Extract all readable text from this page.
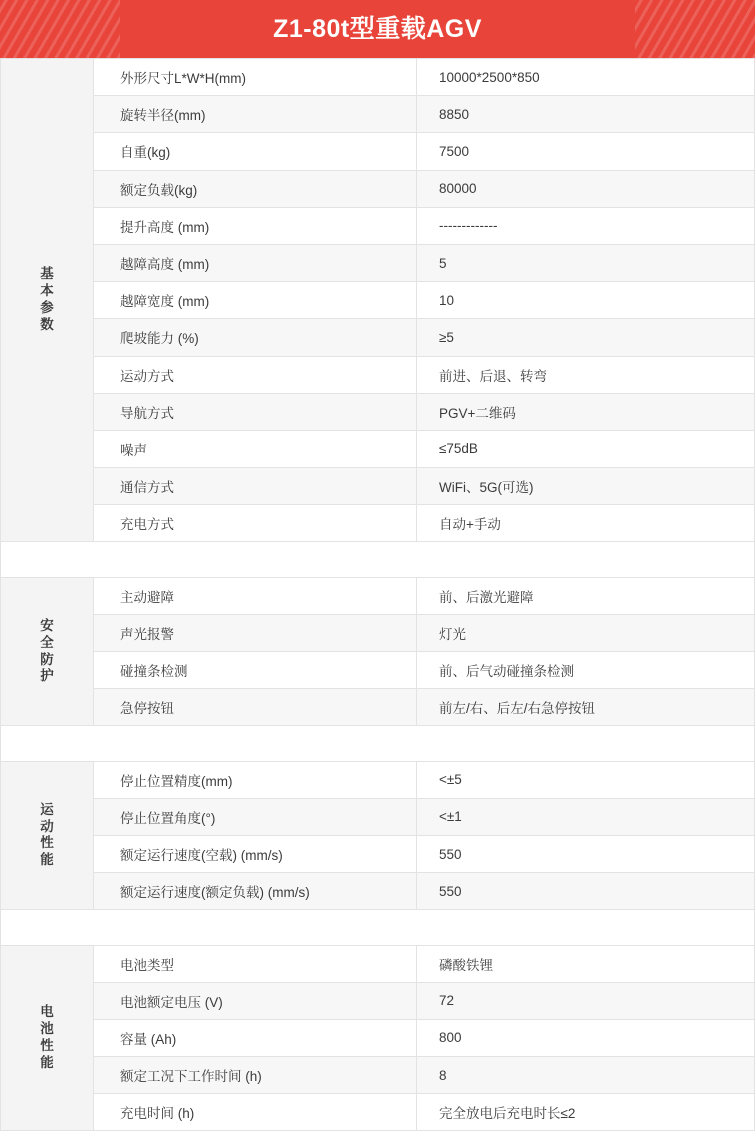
Z1-80t型重载AGV
基本参数	外形尺寸L*W*H(mm)	10000*2500*850
	旋转半径(mm)	8850
	自重(kg)	7500
	额定负载(kg)	80000
	提升高度 (mm)	-------------
	越障高度 (mm)	5
	越障宽度 (mm)	10
	爬坡能力 (%)	≥5
	运动方式	前进、后退、转弯
	导航方式	PGV+二维码
	噪声	≤75dB
	通信方式	WiFi、5G(可选)
	充电方式	自动+手动

安全防护	主动避障	前、后激光避障
	声光报警	灯光
	碰撞条检测	前、后气动碰撞条检测
	急停按钮	前左/右、后左/右急停按钮

运动性能	停止位置精度(mm)	<±5
	停止位置角度(°)	<±1
	额定运行速度(空载) (mm/s)	550
	额定运行速度(额定负载) (mm/s)	550

电池性能	电池类型	磷酸铁锂
	电池额定电压 (V)	72
	容量 (Ah)	800
	额定工况下工作时间 (h)	8
	充电时间 (h)	完全放电后充电时长≤2
